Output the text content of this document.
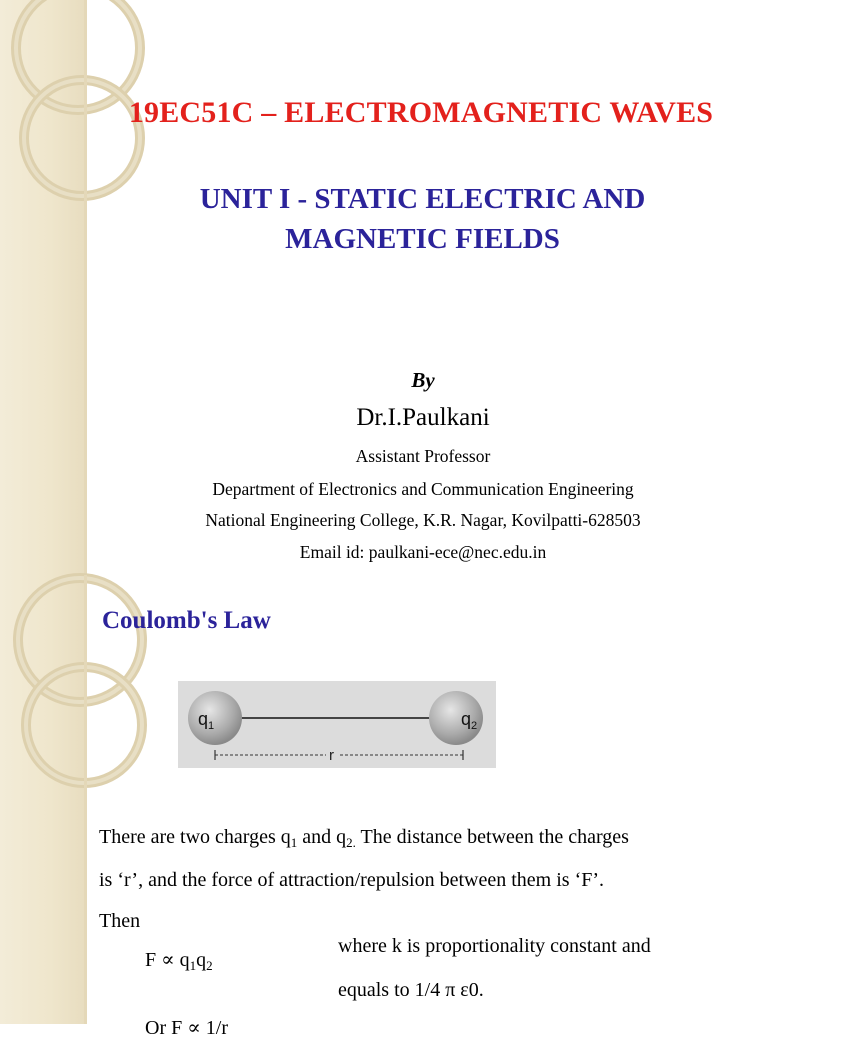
19EC51C – ELECTROMAGNETIC WAVES
UNIT I - STATIC ELECTRIC AND MAGNETIC FIELDS
By
Dr.I.Paulkani
Assistant Professor
Department of Electronics and Communication Engineering
National Engineering College, K.R. Nagar, Kovilpatti-628503
Email id: paulkani-ece@nec.edu.in
Coulomb's Law
$q_1$	$q_2$
r
There are two charges $q_1$ and $q_{2.}$ The distance between the charges
is ‘r’, and the force of attraction/repulsion between them is ‘F’.
Then
$F \propto q_1q_2$
where k is proportionality constant and
equals to 1/4 π ε0.
Or F ∝ 1/r
